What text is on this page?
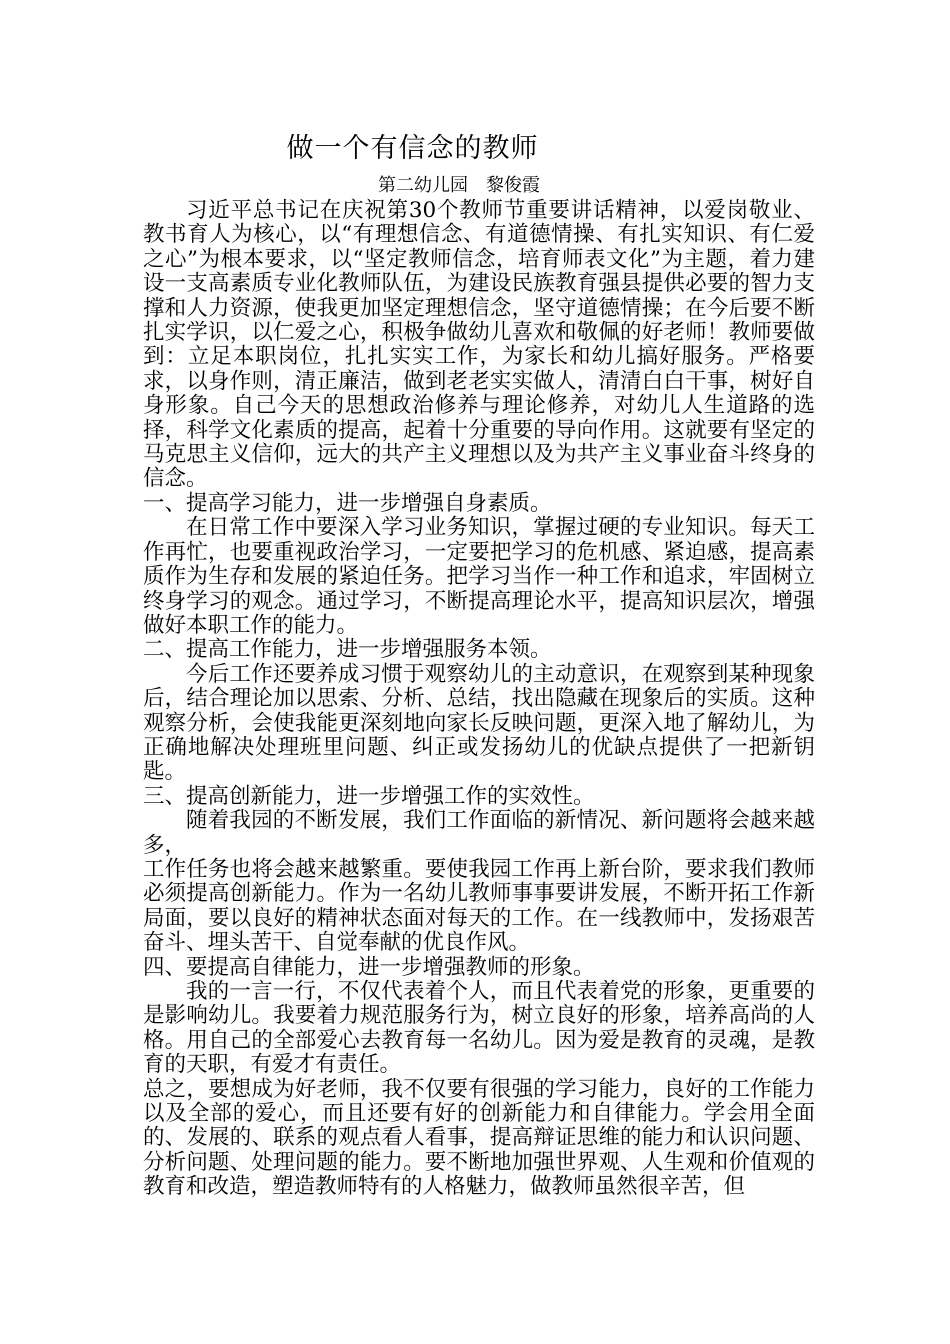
做一个有信念的教师
第二幼儿园　黎俊霞

习近平总书记在庆祝第30个教师节重要讲话精神，以爱岗敬业、教书育人为核心，以“有理想信念、有道德情操、有扎实知识、有仁爱之心”为根本要求，以“坚定教师信念，培育师表文化”为主题，着力建设一支高素质专业化教师队伍，为建设民族教育强县提供必要的智力支撑和人力资源，使我更加坚定理想信念，坚守道德情操；在今后要不断扎实学识，以仁爱之心，积极争做幼儿喜欢和敬佩的好老师！教师要做到：立足本职岗位，扎扎实实工作，为家长和幼儿搞好服务。严格要求，以身作则，清正廉洁，做到老老实实做人，清清白白干事，树好自身形象。自己今天的思想政治修养与理论修养，对幼儿人生道路的选择，科学文化素质的提高，起着十分重要的导向作用。这就要有坚定的马克思主义信仰，远大的共产主义理想以及为共产主义事业奋斗终身的信念。

一、提高学习能力，进一步增强自身素质。

在日常工作中要深入学习业务知识，掌握过硬的专业知识。每天工作再忙，也要重视政治学习，一定要把学习的危机感、紧迫感，提高素质作为生存和发展的紧迫任务。把学习当作一种工作和追求，牢固树立终身学习的观念。通过学习，不断提高理论水平，提高知识层次，增强做好本职工作的能力。

二、提高工作能力，进一步增强服务本领。

今后工作还要养成习惯于观察幼儿的主动意识，在观察到某种现象后，结合理论加以思索、分析、总结，找出隐藏在现象后的实质。这种观察分析，会使我能更深刻地向家长反映问题，更深入地了解幼儿，为正确地解决处理班里问题、纠正或发扬幼儿的优缺点提供了一把新钥匙。

三、提高创新能力，进一步增强工作的实效性。

随着我园的不断发展，我们工作面临的新情况、新问题将会越来越多，

工作任务也将会越来越繁重。要使我园工作再上新台阶，要求我们教师必须提高创新能力。作为一名幼儿教师事事要讲发展，不断开拓工作新局面，要以良好的精神状态面对每天的工作。在一线教师中，发扬艰苦奋斗、埋头苦干、自觉奉献的优良作风。

四、要提高自律能力，进一步增强教师的形象。

我的一言一行，不仅代表着个人，而且代表着党的形象，更重要的是影响幼儿。我要着力规范服务行为，树立良好的形象，培养高尚的人格。用自己的全部爱心去教育每一名幼儿。因为爱是教育的灵魂，是教育的天职，有爱才有责任。

总之，要想成为好老师，我不仅要有很强的学习能力，良好的工作能力以及全部的爱心，而且还要有好的创新能力和自律能力。学会用全面的、发展的、联系的观点看人看事，提高辩证思维的能力和认识问题、分析问题、处理问题的能力。要不断地加强世界观、人生观和价值观的教育和改造，塑造教师特有的人格魅力，做教师虽然很辛苦，但
